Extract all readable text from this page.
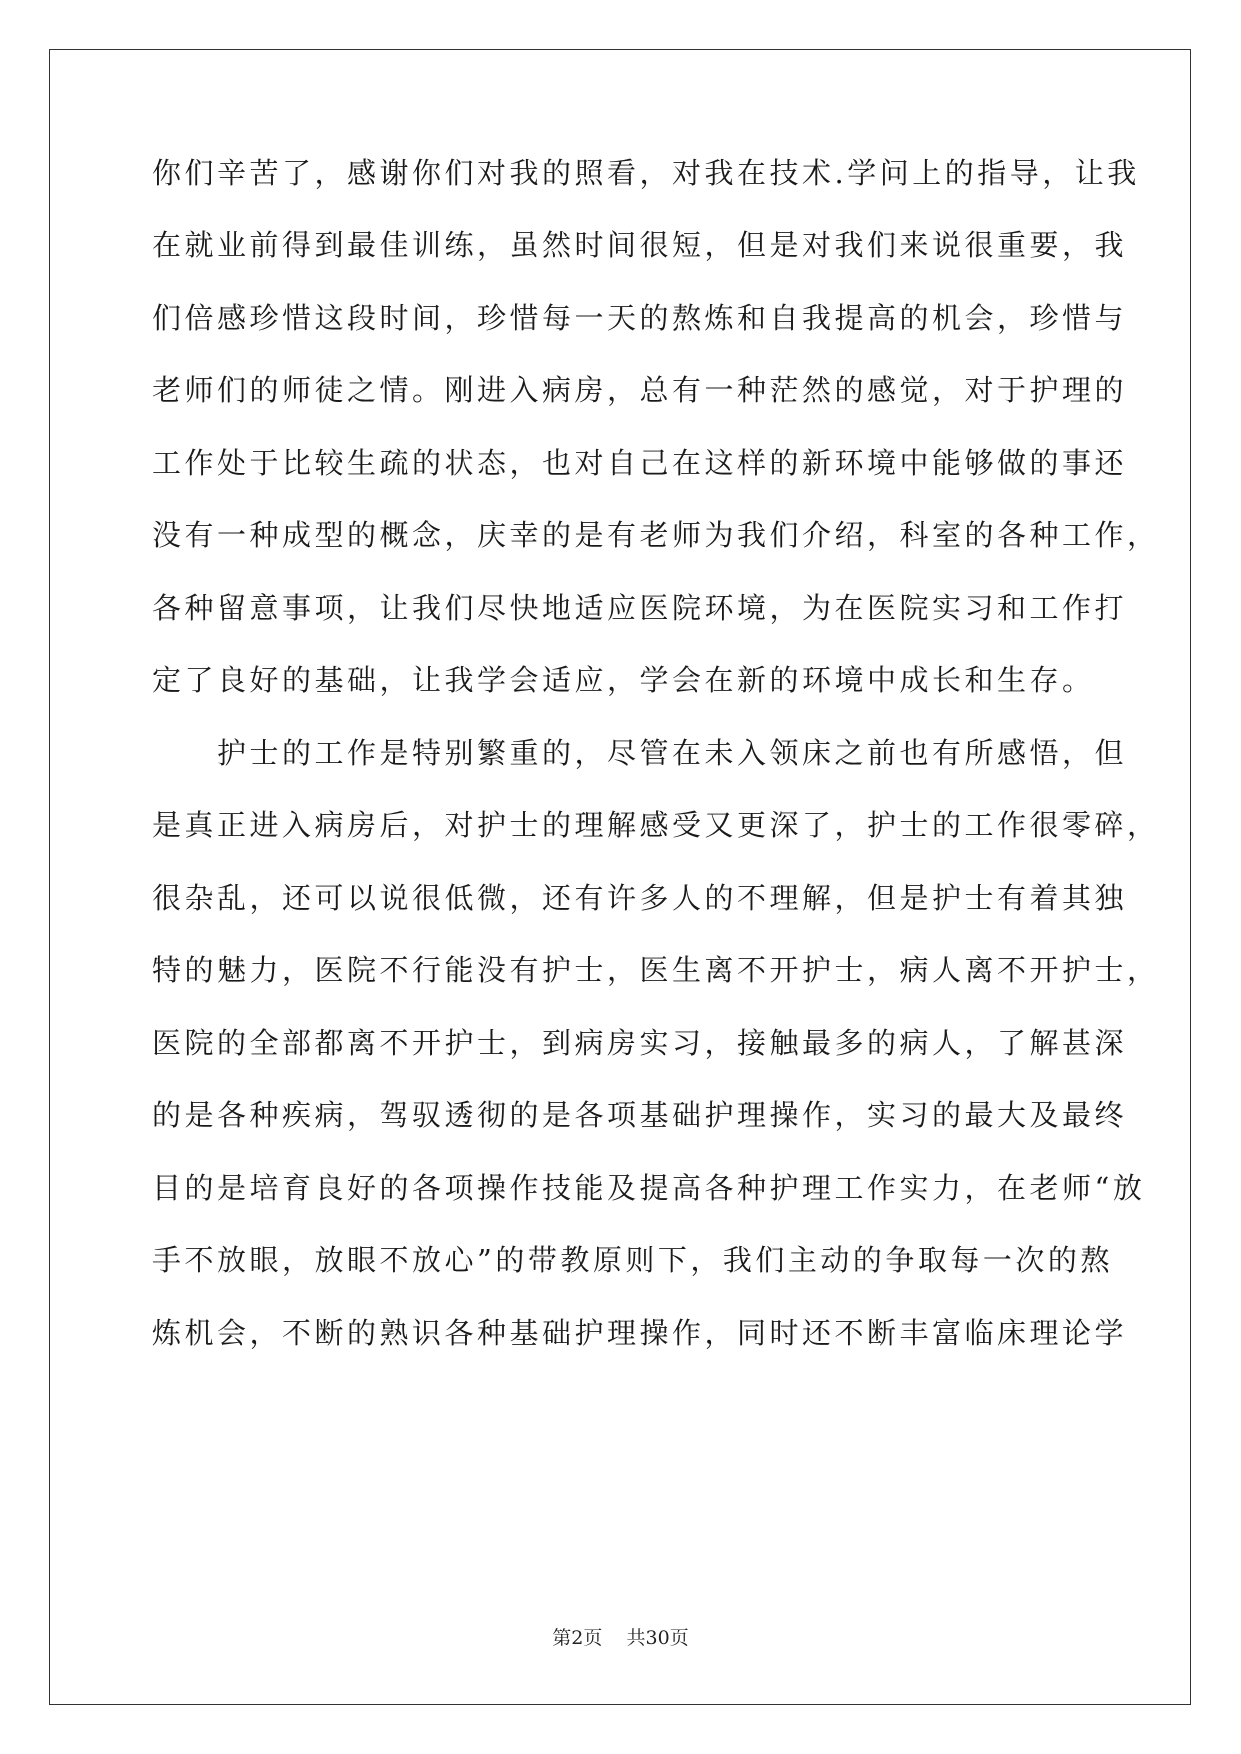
你们辛苦了，感谢你们对我的照看，对我在技术.学问上的指导，让我
在就业前得到最佳训练，虽然时间很短，但是对我们来说很重要，我
们倍感珍惜这段时间，珍惜每一天的熬炼和自我提高的机会，珍惜与
老师们的师徒之情。刚进入病房，总有一种茫然的感觉，对于护理的
工作处于比较生疏的状态，也对自己在这样的新环境中能够做的事还
没有一种成型的概念，庆幸的是有老师为我们介绍，科室的各种工作，
各种留意事项，让我们尽快地适应医院环境，为在医院实习和工作打
定了良好的基础，让我学会适应，学会在新的环境中成长和生存。
　　护士的工作是特别繁重的，尽管在未入领床之前也有所感悟，但
是真正进入病房后，对护士的理解感受又更深了，护士的工作很零碎，
很杂乱，还可以说很低微，还有许多人的不理解，但是护士有着其独
特的魅力，医院不行能没有护士，医生离不开护士，病人离不开护士，
医院的全部都离不开护士，到病房实习，接触最多的病人，了解甚深
的是各种疾病，驾驭透彻的是各项基础护理操作，实习的最大及最终
目的是培育良好的各项操作技能及提高各种护理工作实力，在老师“放
手不放眼，放眼不放心”的带教原则下，我们主动的争取每一次的熬
炼机会，不断的熟识各种基础护理操作，同时还不断丰富临床理论学
第2页 共30页
